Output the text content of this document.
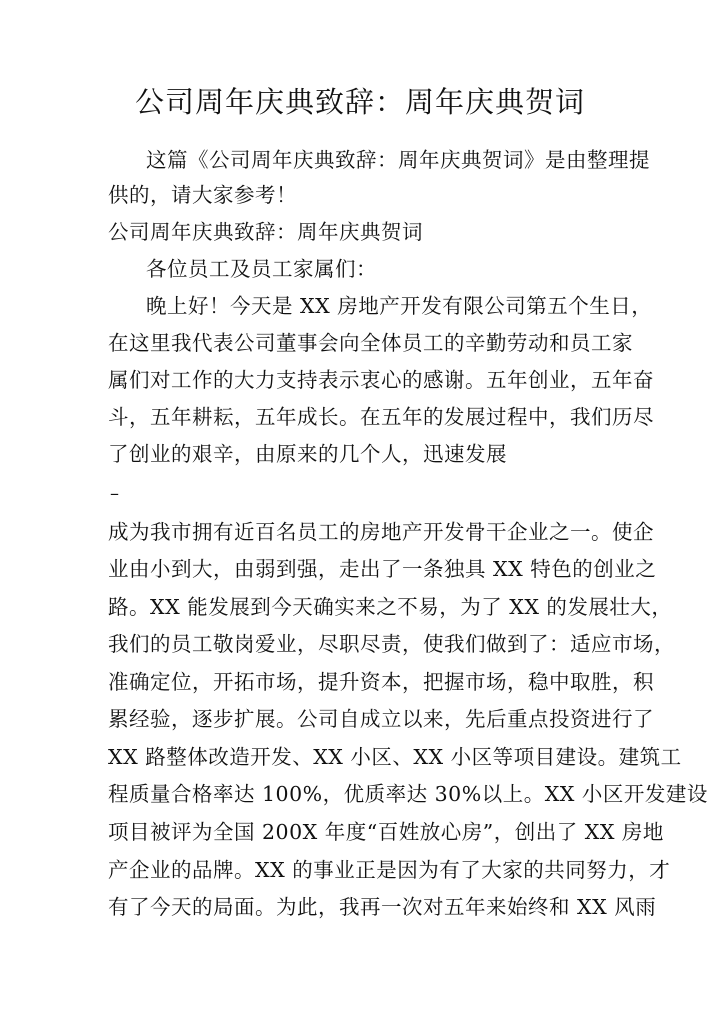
公司周年庆典致辞：周年庆典贺词
这篇《公司周年庆典致辞：周年庆典贺词》是由整理提
供的，请大家参考！
公司周年庆典致辞：周年庆典贺词
各位员工及员工家属们：
晚上好！今天是 XX 房地产开发有限公司第五个生日，
在这里我代表公司董事会向全体员工的辛勤劳动和员工家
属们对工作的大力支持表示衷心的感谢。五年创业，五年奋
斗，五年耕耘，五年成长。在五年的发展过程中，我们历尽
了创业的艰辛，由原来的几个人，迅速发展
–
成为我市拥有近百名员工的房地产开发骨干企业之一。使企
业由小到大，由弱到强，走出了一条独具 XX 特色的创业之
路。XX 能发展到今天确实来之不易，为了 XX 的发展壮大，
我们的员工敬岗爱业，尽职尽责，使我们做到了：适应市场，
准确定位，开拓市场，提升资本，把握市场，稳中取胜，积
累经验，逐步扩展。公司自成立以来，先后重点投资进行了
XX 路整体改造开发、XX 小区、XX 小区等项目建设。建筑工
程质量合格率达 100%，优质率达 30%以上。XX 小区开发建设
项目被评为全国 200X 年度“百姓放心房”，创出了 XX 房地
产企业的品牌。XX 的事业正是因为有了大家的共同努力，才
有了今天的局面。为此，我再一次对五年来始终和 XX 风雨
